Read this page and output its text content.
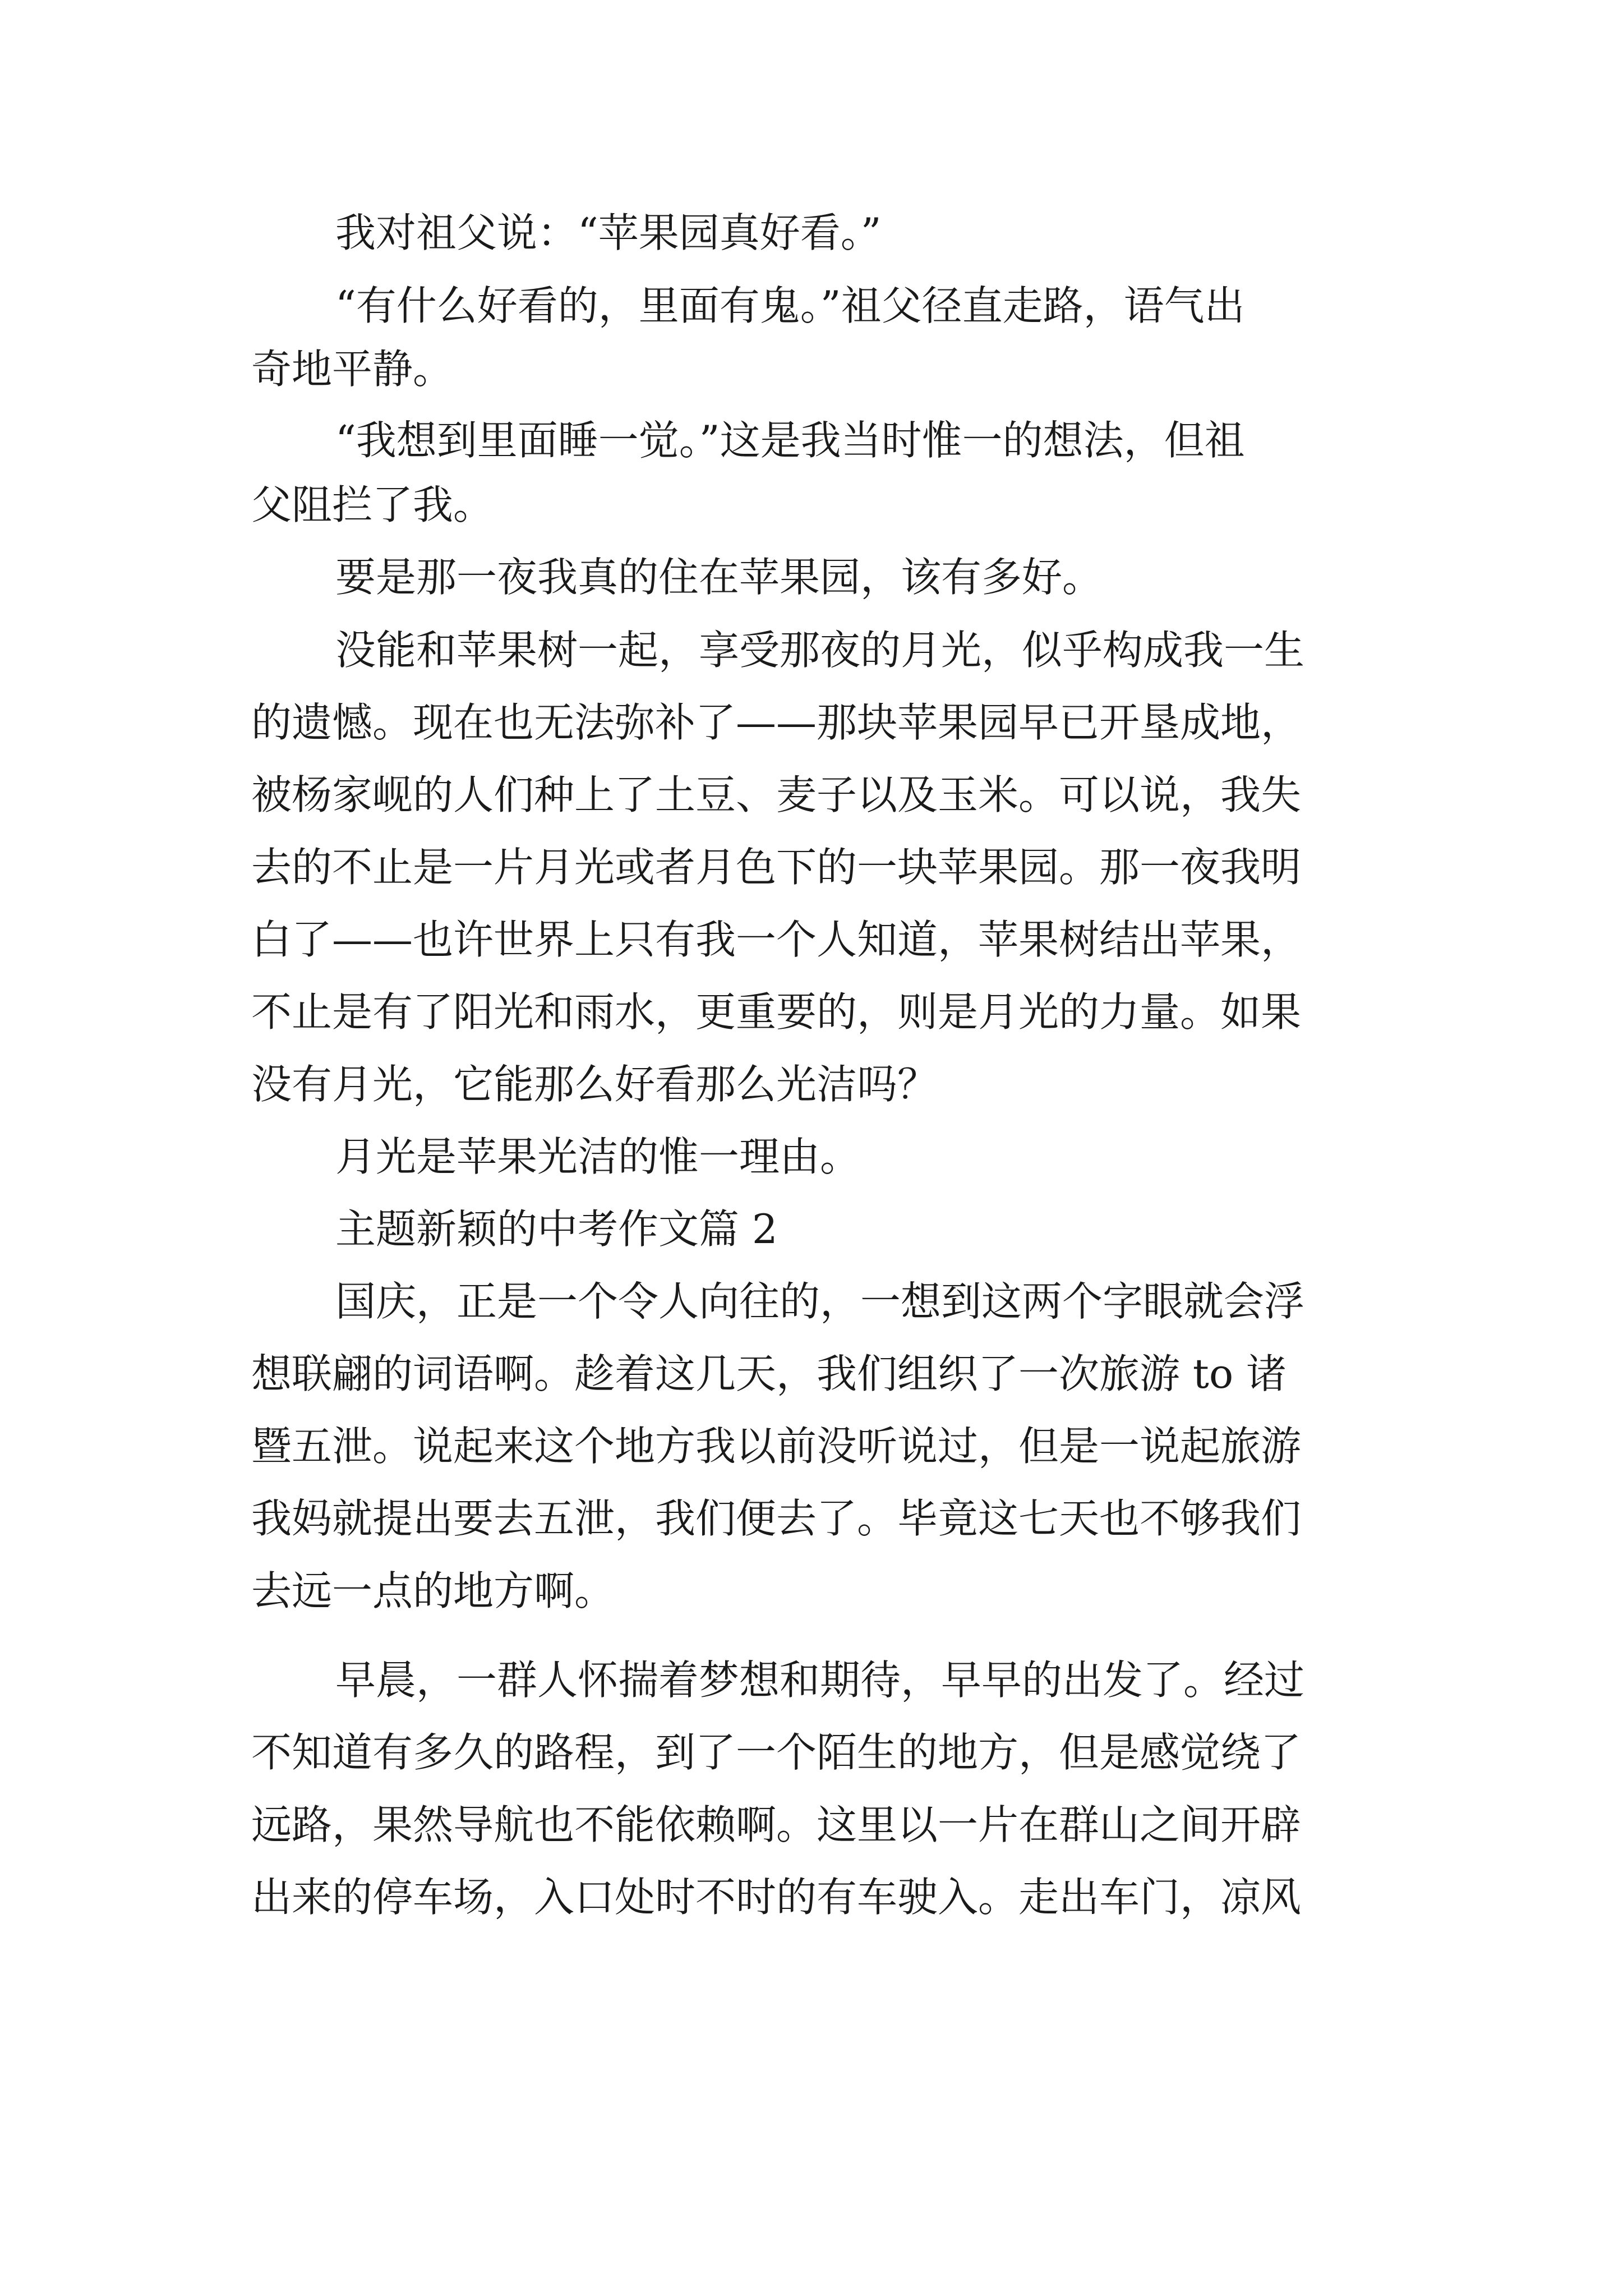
我对祖父说：“苹果园真好看。”
“有什么好看的，里面有鬼。”祖父径直走路，语气出
奇地平静。
“我想到里面睡一觉。”这是我当时惟一的想法，但祖
父阻拦了我。
要是那一夜我真的住在苹果园，该有多好。
没能和苹果树一起，享受那夜的月光，似乎构成我一生
的遗憾。现在也无法弥补了——那块苹果园早已开垦成地，
被杨家岘的人们种上了土豆、麦子以及玉米。可以说，我失
去的不止是一片月光或者月色下的一块苹果园。那一夜我明
白了——也许世界上只有我一个人知道，苹果树结出苹果，
不止是有了阳光和雨水，更重要的，则是月光的力量。如果
没有月光，它能那么好看那么光洁吗？
月光是苹果光洁的惟一理由。
主题新颖的中考作文篇 2
国庆，正是一个令人向往的，一想到这两个字眼就会浮
想联翩的词语啊。趁着这几天，我们组织了一次旅游 to 诸
暨五泄。说起来这个地方我以前没听说过，但是一说起旅游
我妈就提出要去五泄，我们便去了。毕竟这七天也不够我们
去远一点的地方啊。
早晨，一群人怀揣着梦想和期待，早早的出发了。经过
不知道有多久的路程，到了一个陌生的地方，但是感觉绕了
远路，果然导航也不能依赖啊。这里以一片在群山之间开辟
出来的停车场，入口处时不时的有车驶入。走出车门，凉风
